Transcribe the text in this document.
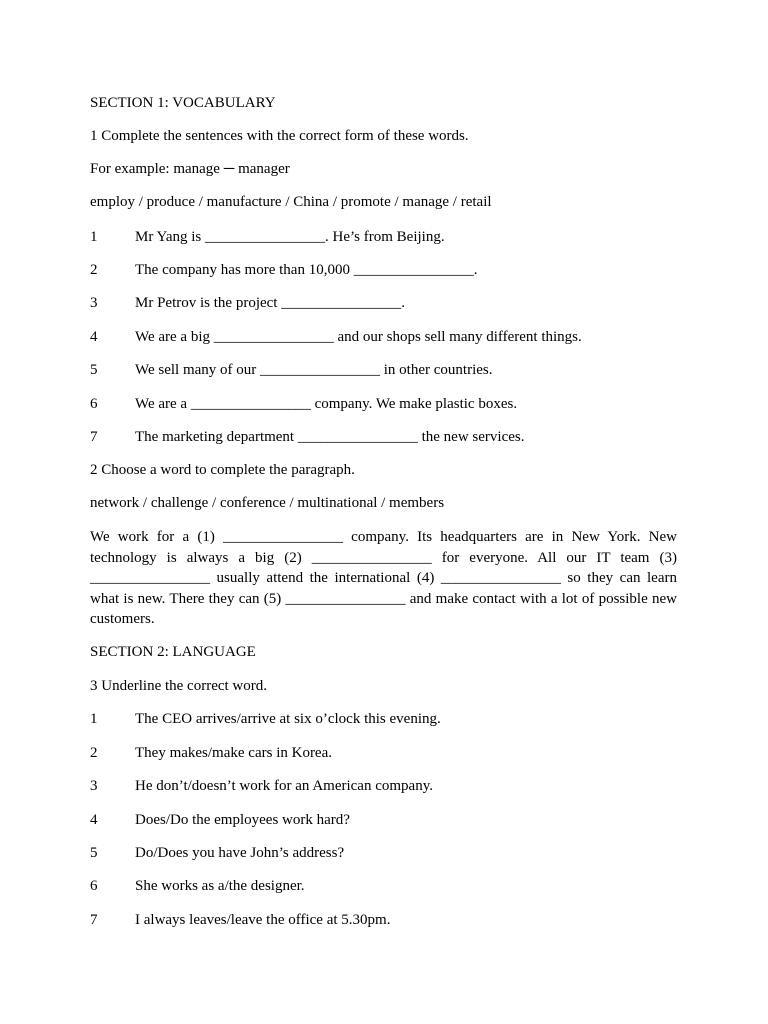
SECTION 1: VOCABULARY
1 Complete the sentences with the correct form of these words.
For example: manage ─ manager
employ / produce / manufacture / China / promote / manage / retail
1	Mr Yang is ________________. He’s from Beijing.
2	The company has more than 10,000 ________________.
3	Mr Petrov is the project ________________.
4	We are a big ________________ and our shops sell many different things.
5	We sell many of our ________________ in other countries.
6	We are a ________________ company. We make plastic boxes.
7	The marketing department ________________ the new services.
2 Choose a word to complete the paragraph.
network / challenge / conference / multinational / members
We work for a (1) ________________ company. Its headquarters are in New York. New technology is always a big (2) ________________ for everyone. All our IT team (3) ________________ usually attend the international (4) ________________ so they can learn what is new. There they can (5) ________________ and make contact with a lot of possible new customers.
SECTION 2: LANGUAGE
3 Underline the correct word.
1	The CEO arrives/arrive at six o’clock this evening.
2	They makes/make cars in Korea.
3	He don’t/doesn’t work for an American company.
4	Does/Do the employees work hard?
5	Do/Does you have John’s address?
6	She works as a/the designer.
7	I always leaves/leave the office at 5.30pm.
